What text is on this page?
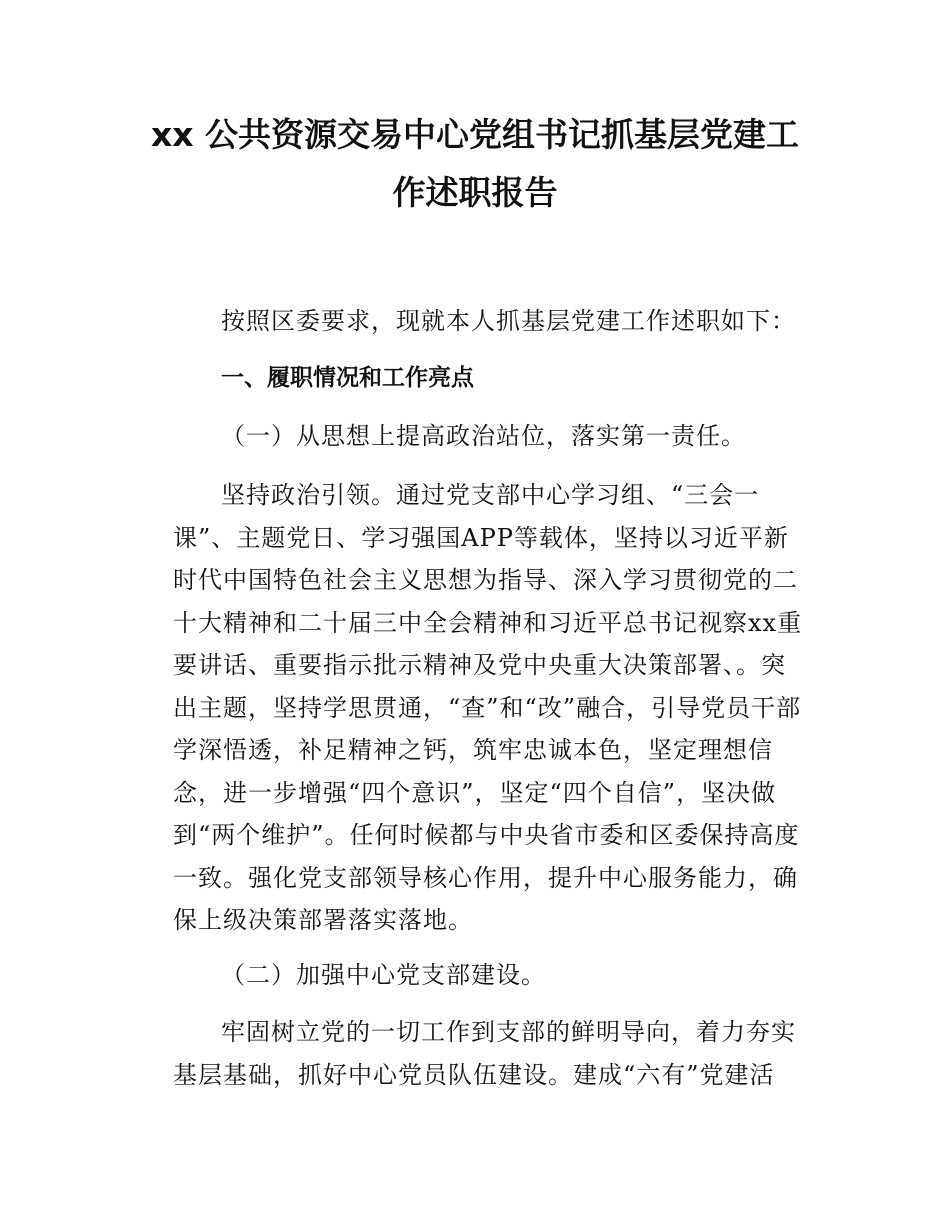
xx 公共资源交易中心党组书记抓基层党建工
作述职报告
按照区委要求，现就本人抓基层党建工作述职如下：
一、履职情况和工作亮点
（一）从思想上提高政治站位，落实第一责任。
坚持政治引领。通过党支部中心学习组、“三会一课”、主题党日、学习强国APP等载体，坚持以习近平新时代中国特色社会主义思想为指导、深入学习贯彻党的二十大精神和二十届三中全会精神和习近平总书记视察xx重要讲话、重要指示批示精神及党中央重大决策部署、。突出主题，坚持学思贯通，“查”和“改”融合，引导党员干部学深悟透，补足精神之钙，筑牢忠诚本色，坚定理想信念，进一步增强“四个意识”，坚定“四个自信”，坚决做到“两个维护”。任何时候都与中央省市委和区委保持高度一致。强化党支部领导核心作用，提升中心服务能力，确保上级决策部署落实落地。
（二）加强中心党支部建设。
牢固树立党的一切工作到支部的鲜明导向，着力夯实基层基础，抓好中心党员队伍建设。建成“六有”党建活
